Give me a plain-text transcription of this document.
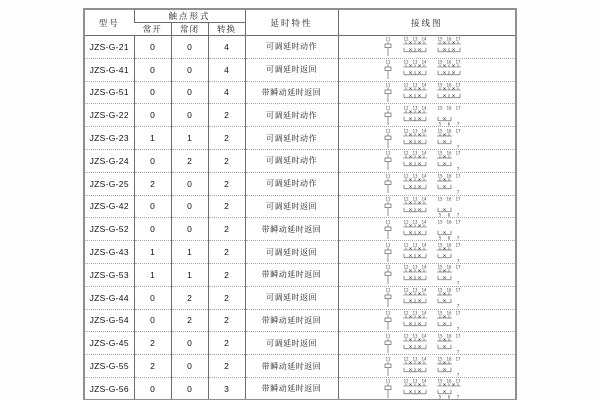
型号	触点形式			延时特性	接线图
	常开	常闭	转换		
JZS-G-21	0	0	4	可调延时动作	
11	12 13 14	15 16 17

JZS-G-41	0	0	4	可调延时返回	
11	12 13 14	15 16 17

JZS-G-51	0	0	4	带瞬动延时返回	
11	12 13 14	15 16 17

JZS-G-22	0	0	2	可调延时动作	
11	12 13 14	15 16 17
5 6 7

JZS-G-23	1	1	2	可调延时动作	
11	12 13 14	15 16 17
7

JZS-G-24	0	2	2	可调延时动作	
11	12 13 14	15 16 17
7

JZS-G-25	2	0	2	可调延时动作	
11	12 13 14	15 16 17
7

JZS-G-42	0	0	2	可调延时返回	
11	12 13 14	15 16 17
5 6 7

JZS-G-52	0	0	2	带瞬动延时返回	
11	12 13 14	15 16 17
5 6 7

JZS-G-43	1	1	2	可调延时返回	
11	12 13 14	15 16 17
7

JZS-G-53	1	1	2	带瞬动延时返回	
11	12 13 14	15 16 17
7

JZS-G-44	0	2	2	可调延时返回	
11	12 13 14	15 16 17
7

JZS-G-54	0	2	2	带瞬动延时返回	
11	12 13 14	15 16 17
7

JZS-G-45	2	0	2	可调延时返回	
11	12 13 14	15 16 17
7

JZS-G-55	2	0	2	带瞬动延时返回	
11	12 13 14	15 16 17
7

JZS-G-56	0	0	3	带瞬动延时返回	
11	12 13 14	15 16 17
5 6 7
